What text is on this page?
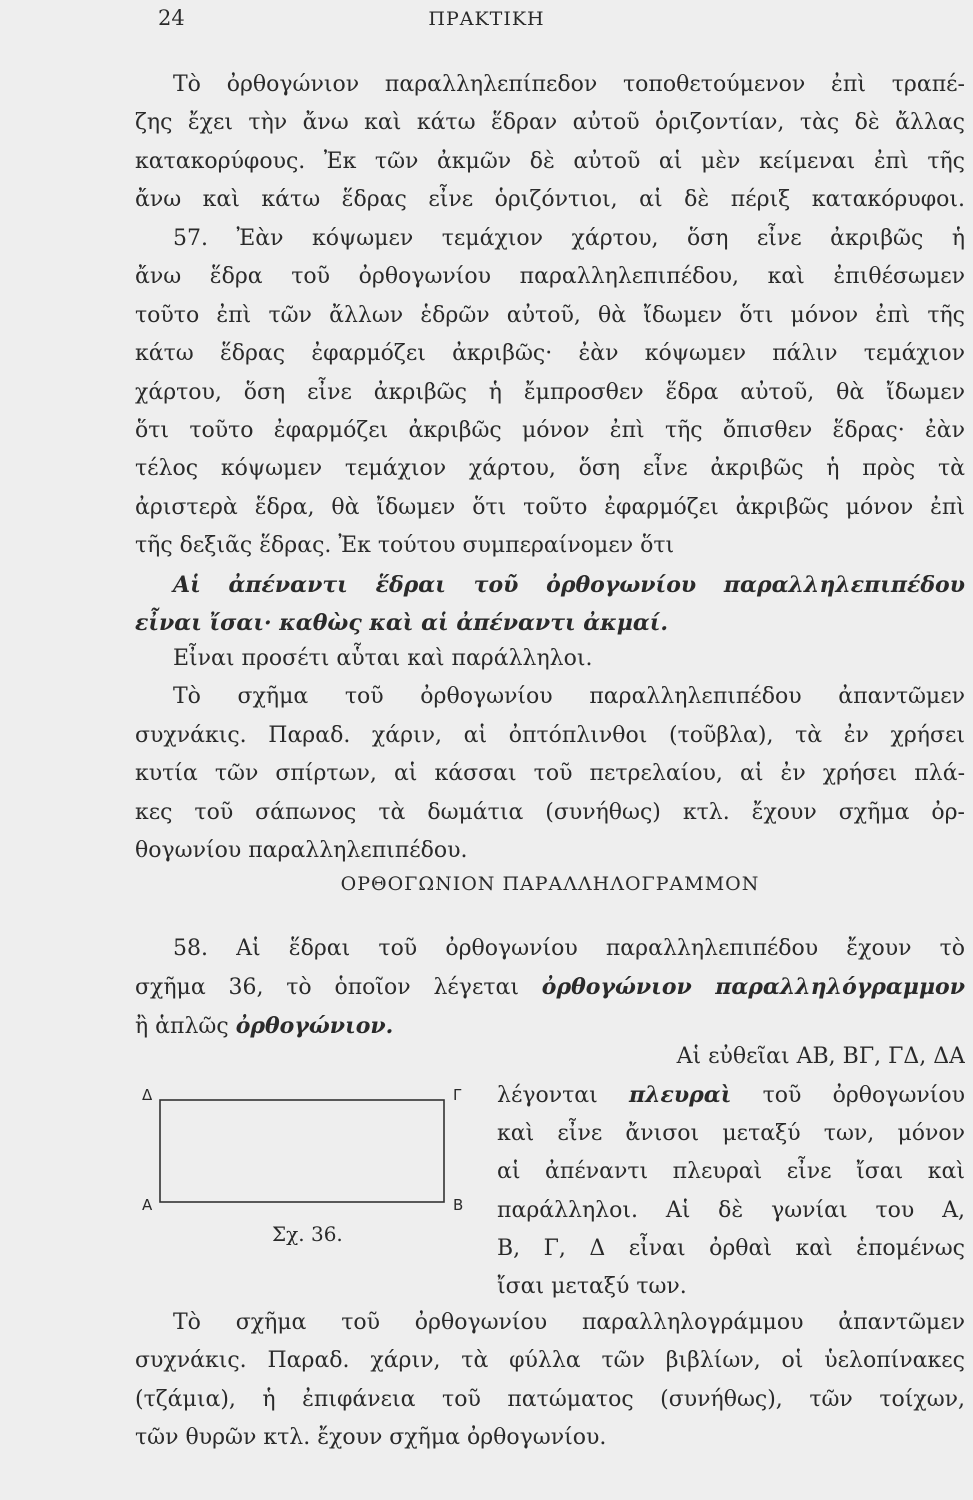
24	ΠΡΑΚΤΙΚΗ
Τὸ ὀρθογώνιον παραλληλεπίπεδον τοποθετούμενον ἐπὶ τραπέ-
ζης ἔχει τὴν ἄνω καὶ κάτω ἕδραν αὐτοῦ ὁριζοντίαν, τὰς δὲ ἄλλας
κατακορύφους. Ἐκ τῶν ἀκμῶν δὲ αὐτοῦ αἱ μὲν κείμεναι ἐπὶ τῆς
ἄνω καὶ κάτω ἕδρας εἶνε ὁριζόντιοι, αἱ δὲ πέριξ κατακόρυφοι.
57. Ἐὰν κόψωμεν τεμάχιον χάρτου, ὅση εἶνε ἀκριβῶς ἡ
ἄνω ἕδρα τοῦ ὀρθογωνίου παραλληλεπιπέδου, καὶ ἐπιθέσωμεν
τοῦτο ἐπὶ τῶν ἄλλων ἑδρῶν αὐτοῦ, θὰ ἴδωμεν ὅτι μόνον ἐπὶ τῆς
κάτω ἕδρας ἐφαρμόζει ἀκριβῶς· ἐὰν κόψωμεν πάλιν τεμάχιον
χάρτου, ὅση εἶνε ἀκριβῶς ἡ ἔμπροσθεν ἕδρα αὐτοῦ, θὰ ἴδωμεν
ὅτι τοῦτο ἐφαρμόζει ἀκριβῶς μόνον ἐπὶ τῆς ὄπισθεν ἕδρας· ἐὰν
τέλος κόψωμεν τεμάχιον χάρτου, ὅση εἶνε ἀκριβῶς ἡ πρὸς τὰ
ἀριστερὰ ἕδρα, θὰ ἴδωμεν ὅτι τοῦτο ἐφαρμόζει ἀκριβῶς μόνον ἐπὶ
τῆς δεξιᾶς ἕδρας. Ἐκ τούτου συμπεραίνομεν ὅτι
Αἱ ἀπέναντι ἕδραι τοῦ ὀρθογωνίου παραλληλεπιπέδου
εἶναι ἴσαι· καθὼς καὶ αἱ ἀπέναντι ἀκμαί.
Εἶναι προσέτι αὗται καὶ παράλληλοι.
Τὸ σχῆμα τοῦ ὀρθογωνίου παραλληλεπιπέδου ἀπαντῶμεν
συχνάκις. Παραδ. χάριν, αἱ ὀπτόπλινθοι (τοῦβλα), τὰ ἐν χρήσει
κυτία τῶν σπίρτων, αἱ κάσσαι τοῦ πετρελαίου, αἱ ἐν χρήσει πλά-
κες τοῦ σάπωνος τὰ δωμάτια (συνήθως) κτλ. ἔχουν σχῆμα ὀρ-
θογωνίου παραλληλεπιπέδου.
ΟΡΘΟΓΩΝΙΟΝ ΠΑΡΑΛΛΗΛΟΓΡΑΜΜΟΝ
58. Αἱ ἕδραι τοῦ ὀρθογωνίου παραλληλεπιπέδου ἔχουν τὸ
σχῆμα 36, τὸ ὁποῖον λέγεται ὀρθογώνιον παραλληλόγραμμον
ἢ ἁπλῶς ὀρθογώνιον.
Δ	Γ
Α	Β
Σχ. 36.
Αἱ εὐθεῖαι ΑΒ, ΒΓ, ΓΔ, ΔΑ
λέγονται πλευραὶ τοῦ ὀρθογωνίου
καὶ εἶνε ἄνισοι μεταξύ των, μόνον
αἱ ἀπέναντι πλευραὶ εἶνε ἴσαι καὶ
παράλληλοι. Αἱ δὲ γωνίαι του Α,
Β, Γ, Δ εἶναι ὀρθαὶ καὶ ἑπομένως
ἴσαι μεταξύ των.
Τὸ σχῆμα τοῦ ὀρθογωνίου παραλληλογράμμου ἀπαντῶμεν
συχνάκις. Παραδ. χάριν, τὰ φύλλα τῶν βιβλίων, οἱ ὑελοπίνακες
(τζάμια), ἡ ἐπιφάνεια τοῦ πατώματος (συνήθως), τῶν τοίχων,
τῶν θυρῶν κτλ. ἔχουν σχῆμα ὀρθογωνίου.
